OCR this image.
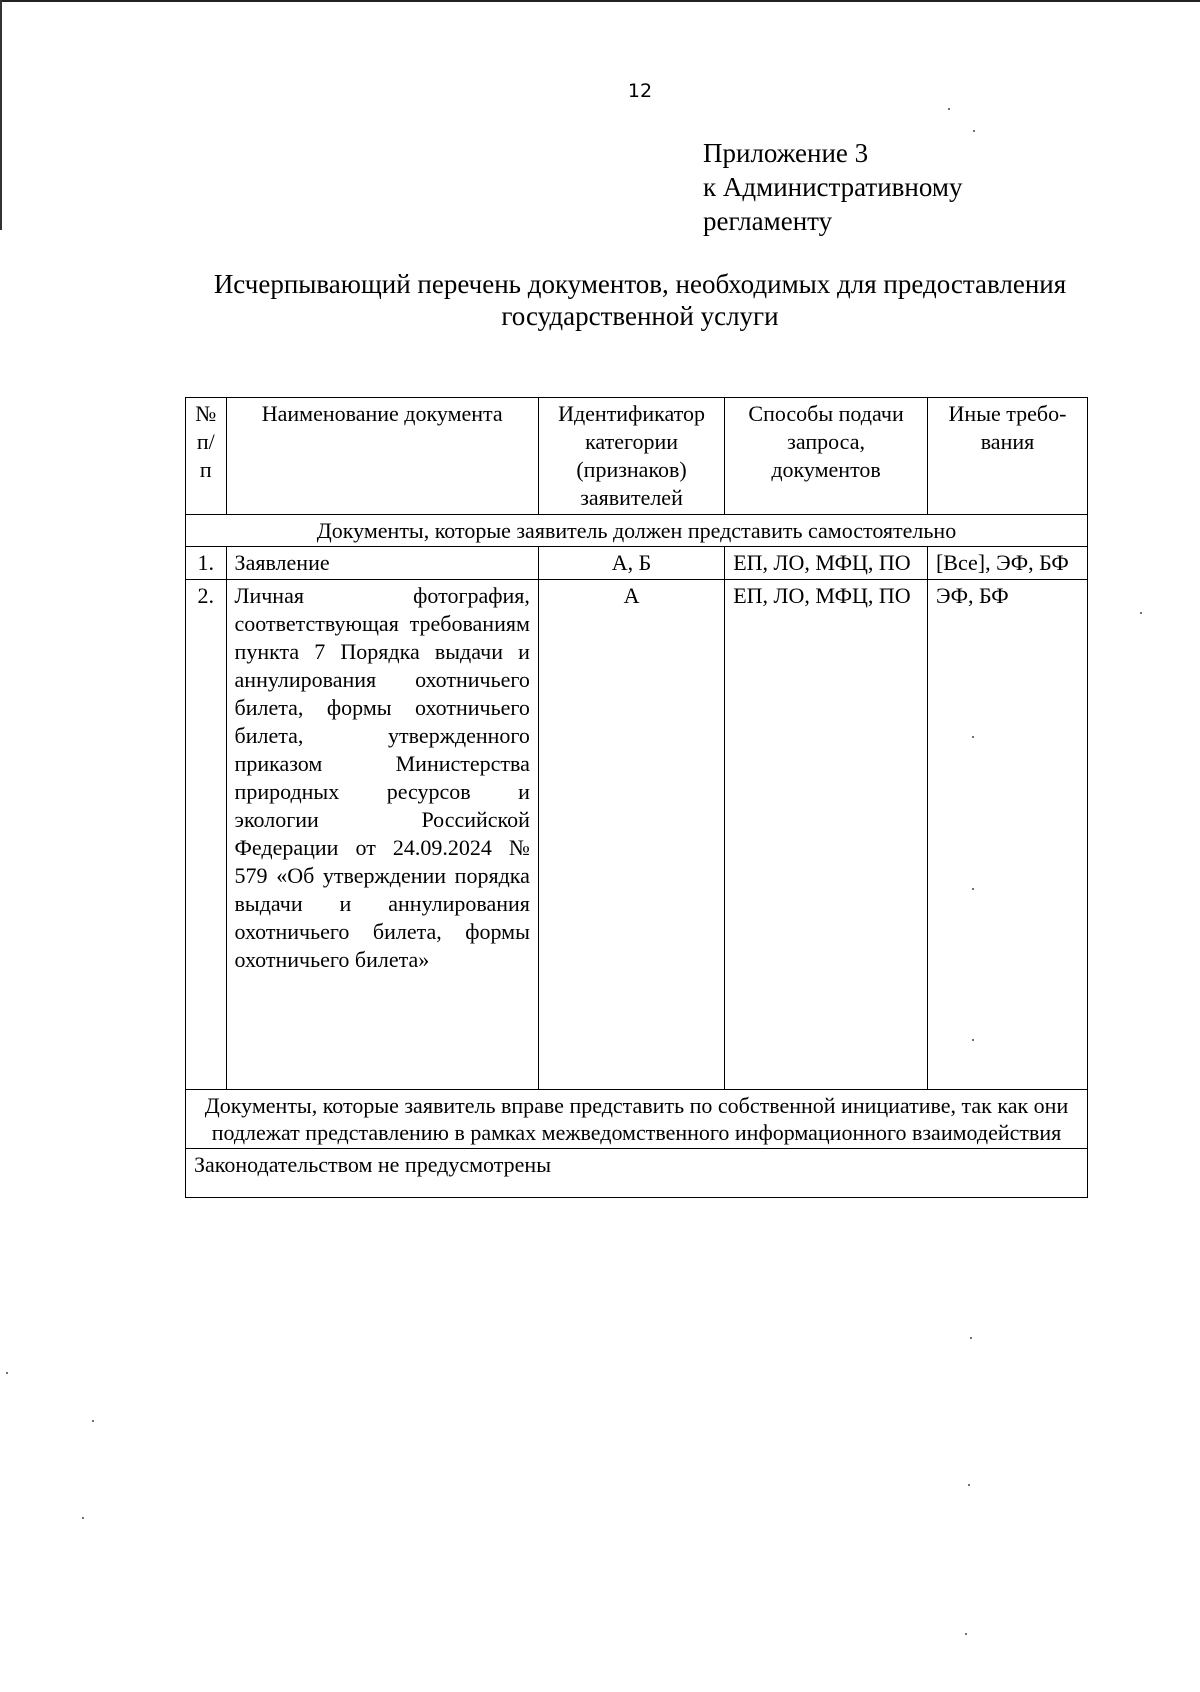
12
Приложение 3
к Административному
регламенту
Исчерпывающий перечень документов, необходимых для предоставления
государственной услуги
№ п/п	Наименование документа	Идентификатор категории (признаков) заявителей	Способы подачи запроса, документов	Иные требо-вания
Документы, которые заявитель должен представить самостоятельно				
1.	Заявление	А, Б	ЕП, ЛО, МФЦ, ПО	[Все], ЭФ, БФ
2.	Личная фотография, соответствующая требованиям пункта 7 Порядка выдачи и аннулирования охотничьего билета, формы охотничьего билета, утвержденного приказом Министерства природных ресурсов и экологии Российской Федерации от 24.09.2024 № 579 «Об утверждении порядка выдачи и аннулирования охотничьего билета, формы охотничьего билета»	А	ЕП, ЛО, МФЦ, ПО	ЭФ, БФ
Документы, которые заявитель вправе представить по собственной инициативе, так как они подлежат представлению в рамках межведомственного информационного взаимодействия				
Законодательством не предусмотрены				
